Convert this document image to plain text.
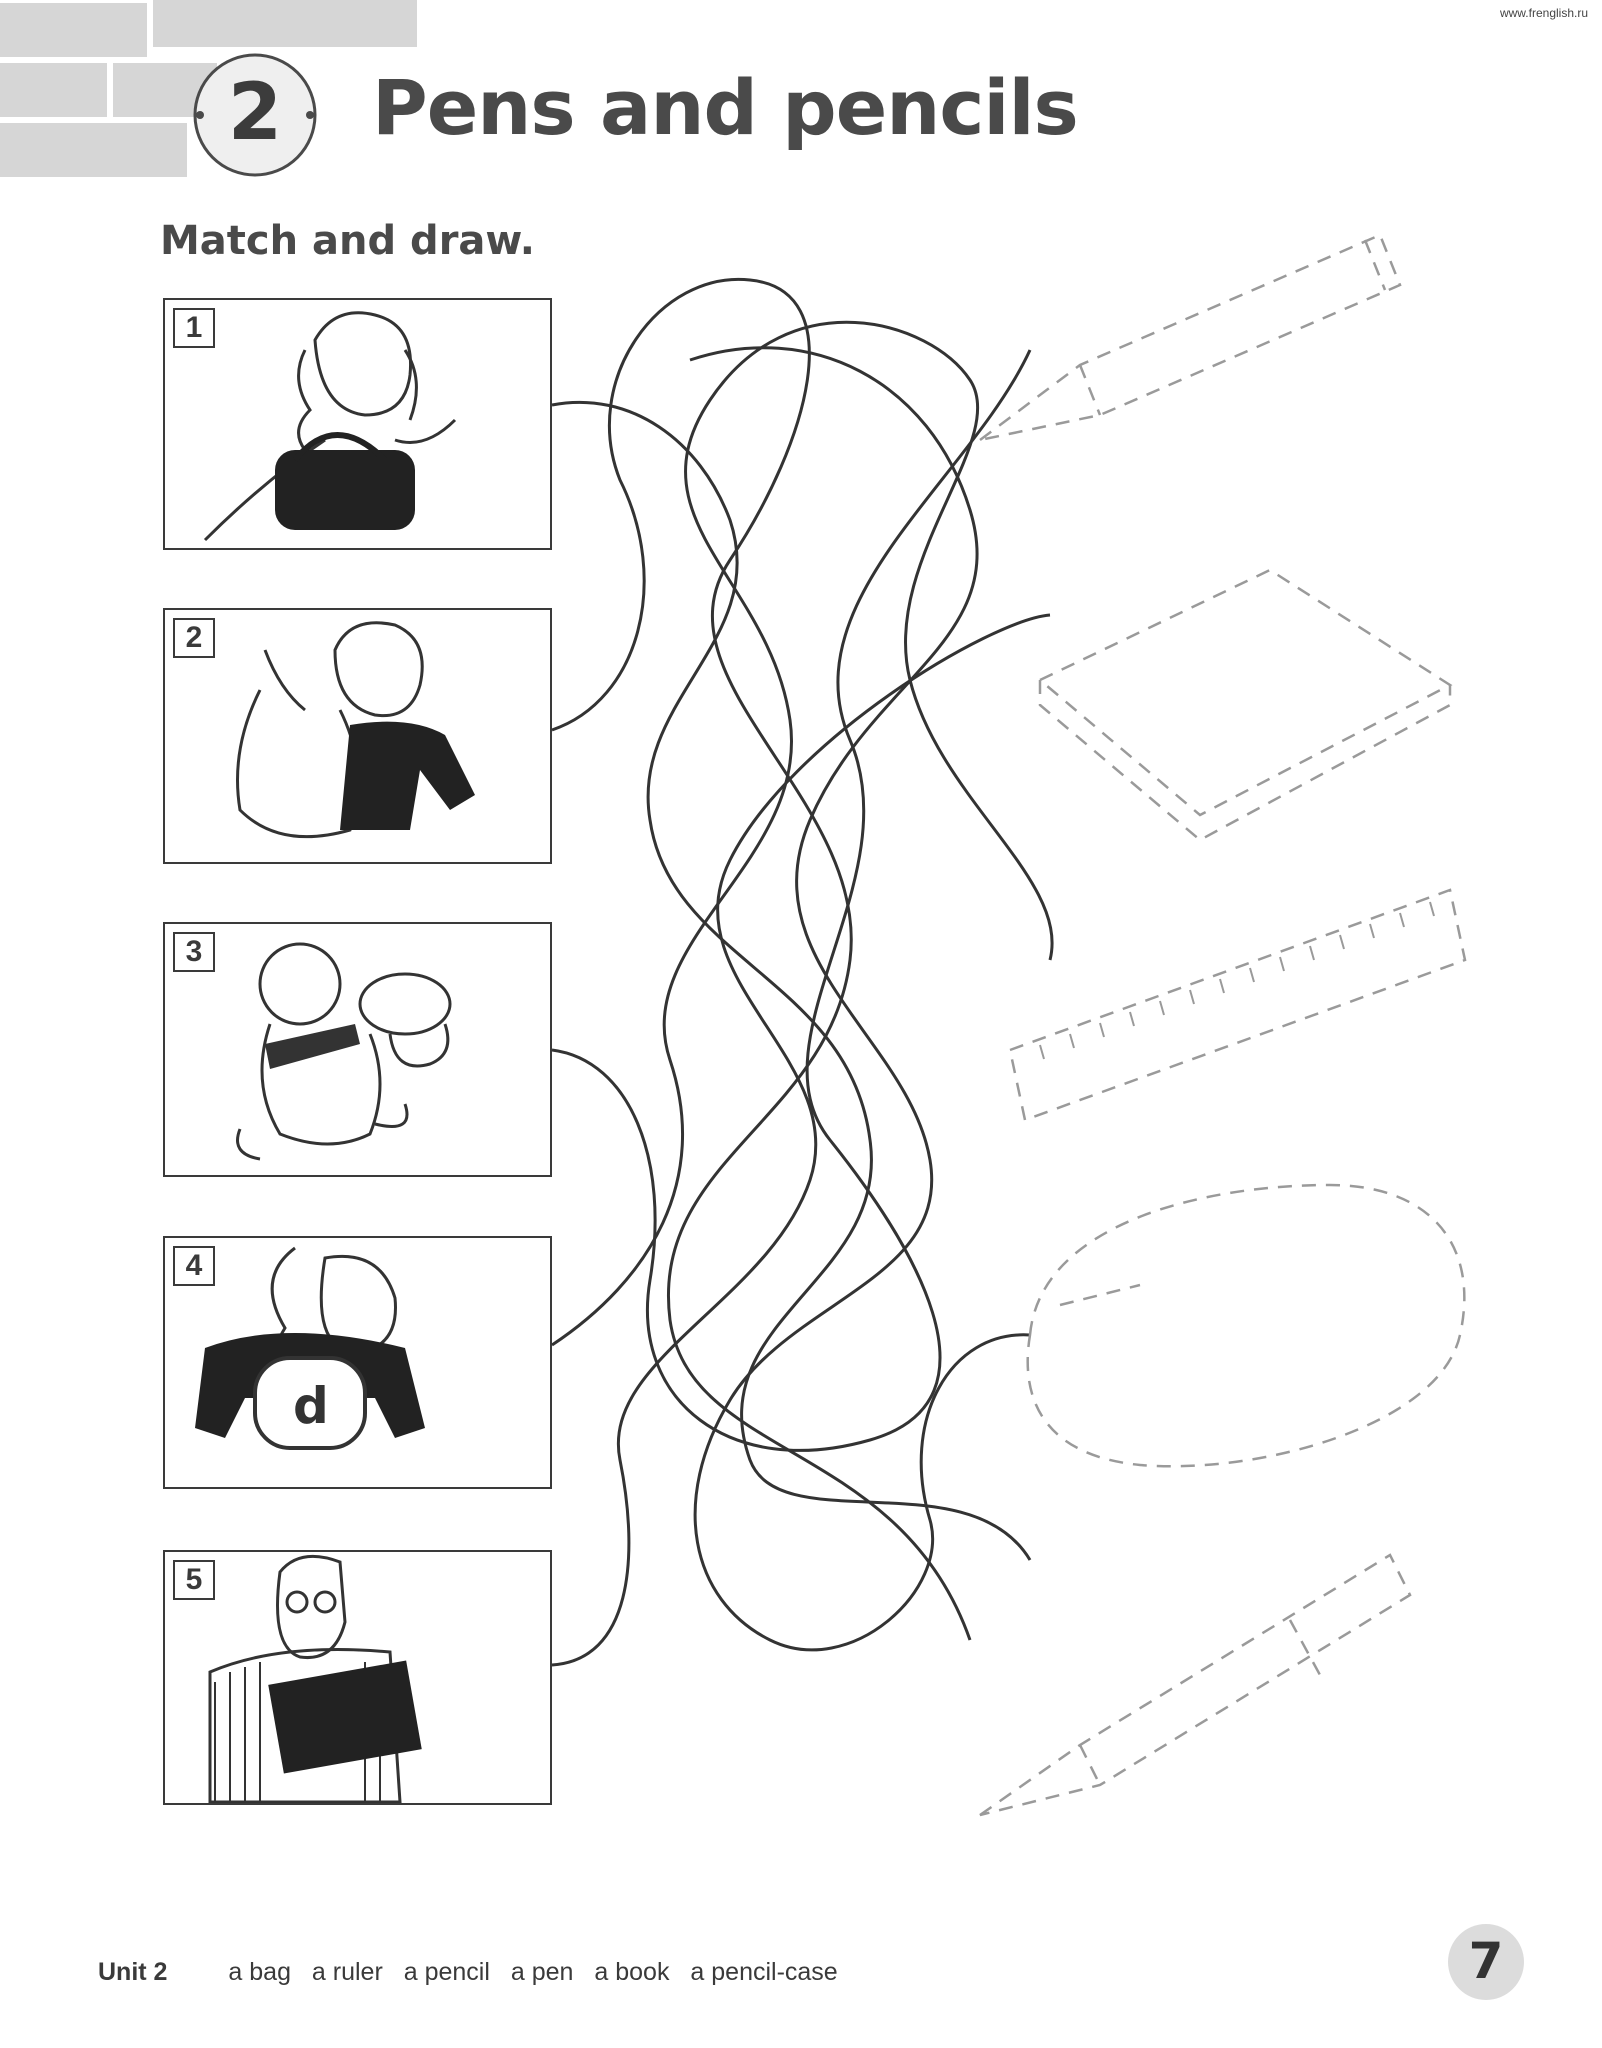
www.frenglish.ru
2	Pens and pencils
Match and draw.
1
2
3
4
d
5
Unit 2 a bag a ruler a pencil a pen a book a pencil-case	7
